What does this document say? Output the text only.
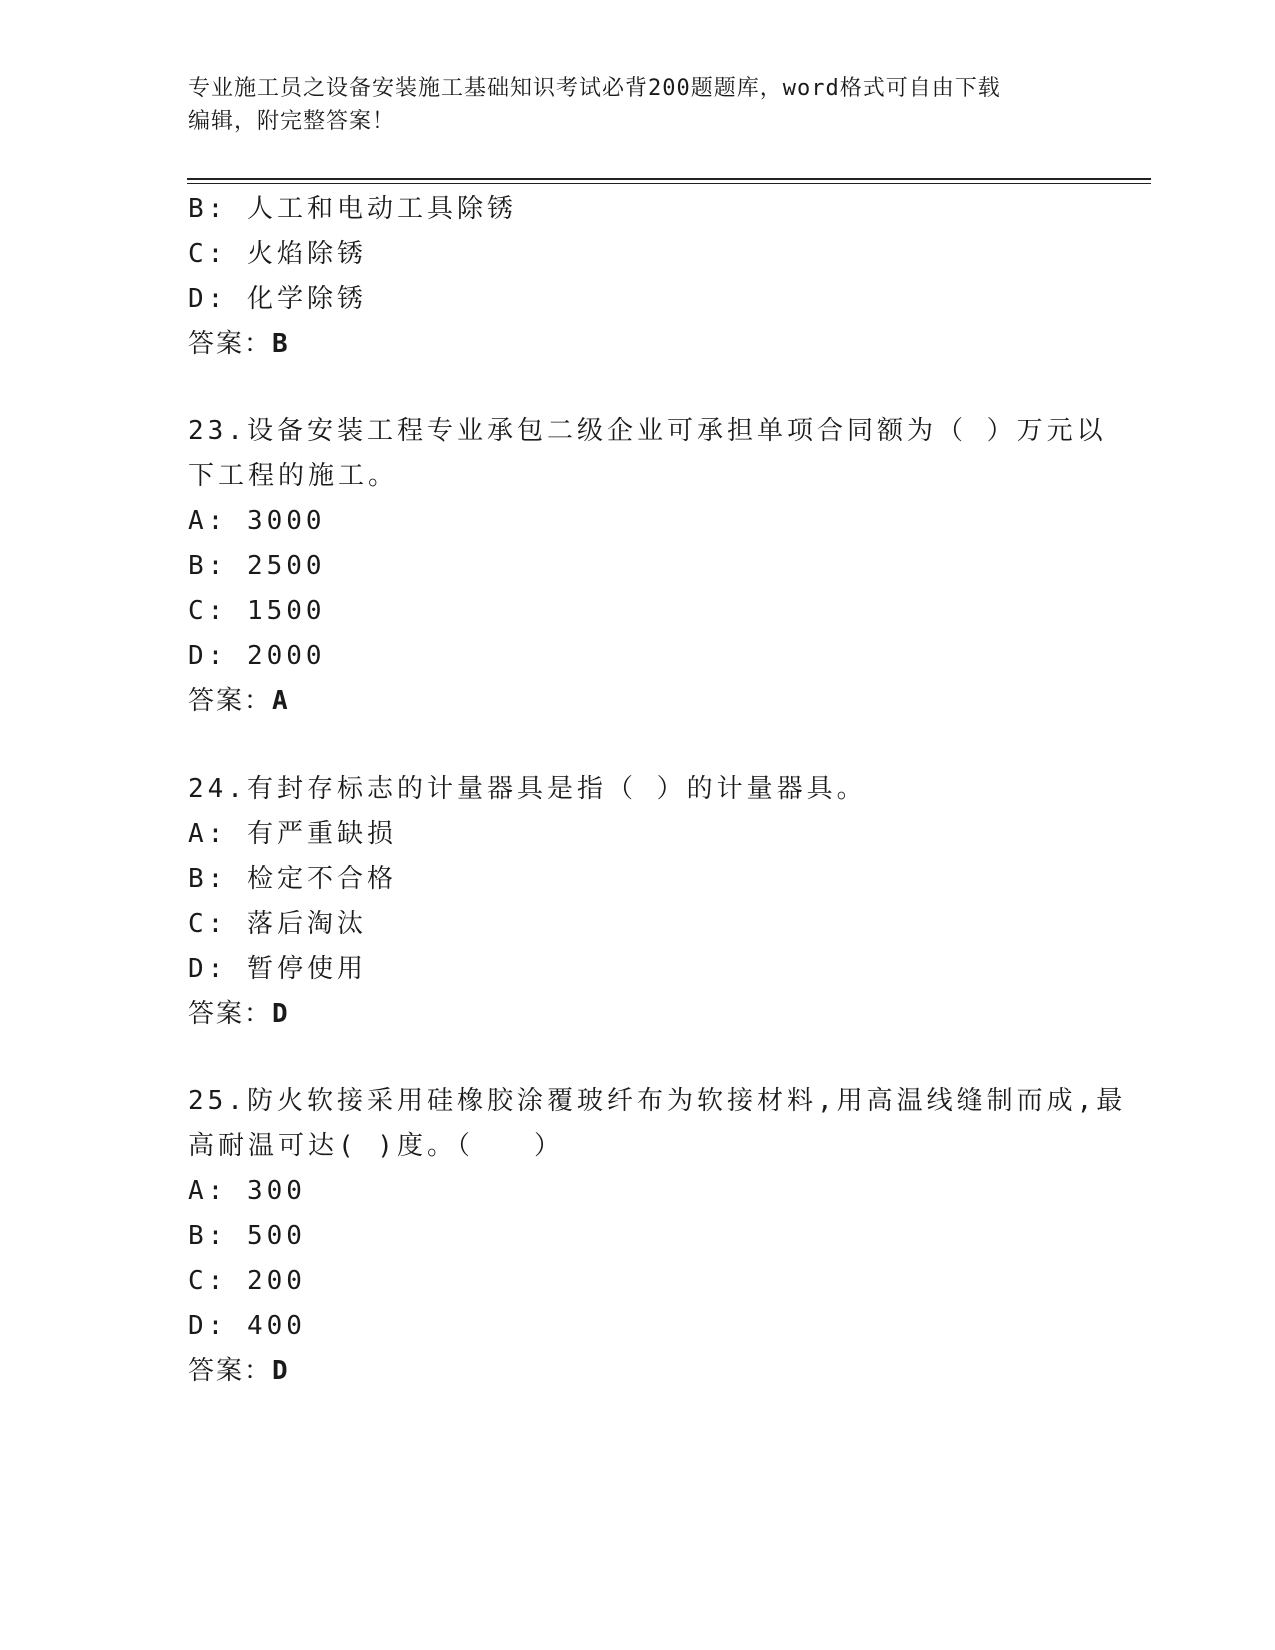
专业施工员之设备安装施工基础知识考试必背200题题库，word格式可自由下载
编辑，附完整答案！
B: 人工和电动工具除锈
C: 火焰除锈
D: 化学除锈
答案：B
23.设备安装工程专业承包二级企业可承担单项合同额为（ ）万元以
下工程的施工。
A: 3000
B: 2500
C: 1500
D: 2000
答案：A
24.有封存标志的计量器具是指（ ）的计量器具。
A: 有严重缺损
B: 检定不合格
C: 落后淘汰
D: 暂停使用
答案：D
25.防火软接采用硅橡胶涂覆玻纤布为软接材料,用高温线缝制而成,最
高耐温可达( )度。（　　）
A: 300
B: 500
C: 200
D: 400
答案：D
